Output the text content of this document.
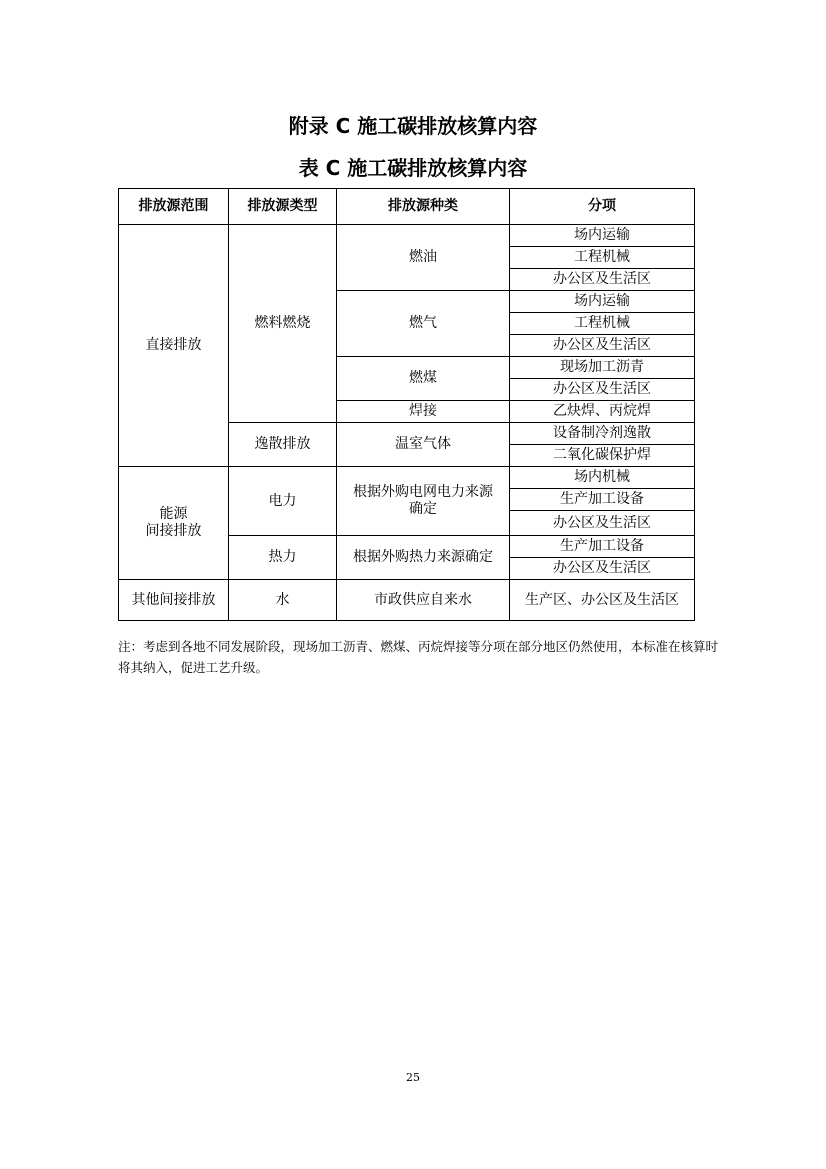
附录 C 施工碳排放核算内容
表 C 施工碳排放核算内容
排放源范围	排放源类型	排放源种类	分项
直接排放	燃料燃烧	燃油	场内运输
			工程机械
			办公区及生活区
		燃气	场内运输
			工程机械
			办公区及生活区
		燃煤	现场加工沥青
			办公区及生活区
		焊接	乙炔焊、丙烷焊
	逸散排放	温室气体	设备制冷剂逸散
			二氧化碳保护焊
能源
间接排放	电力	根据外购电网电力来源确定	场内机械
			生产加工设备
			办公区及生活区
	热力	根据外购热力来源确定	生产加工设备
			办公区及生活区
其他间接排放	水	市政供应自来水	生产区、办公区及生活区
注：考虑到各地不同发展阶段，现场加工沥青、燃煤、丙烷焊接等分项在部分地区仍然使用，本标准在核算时将其纳入，促进工艺升级。
25
